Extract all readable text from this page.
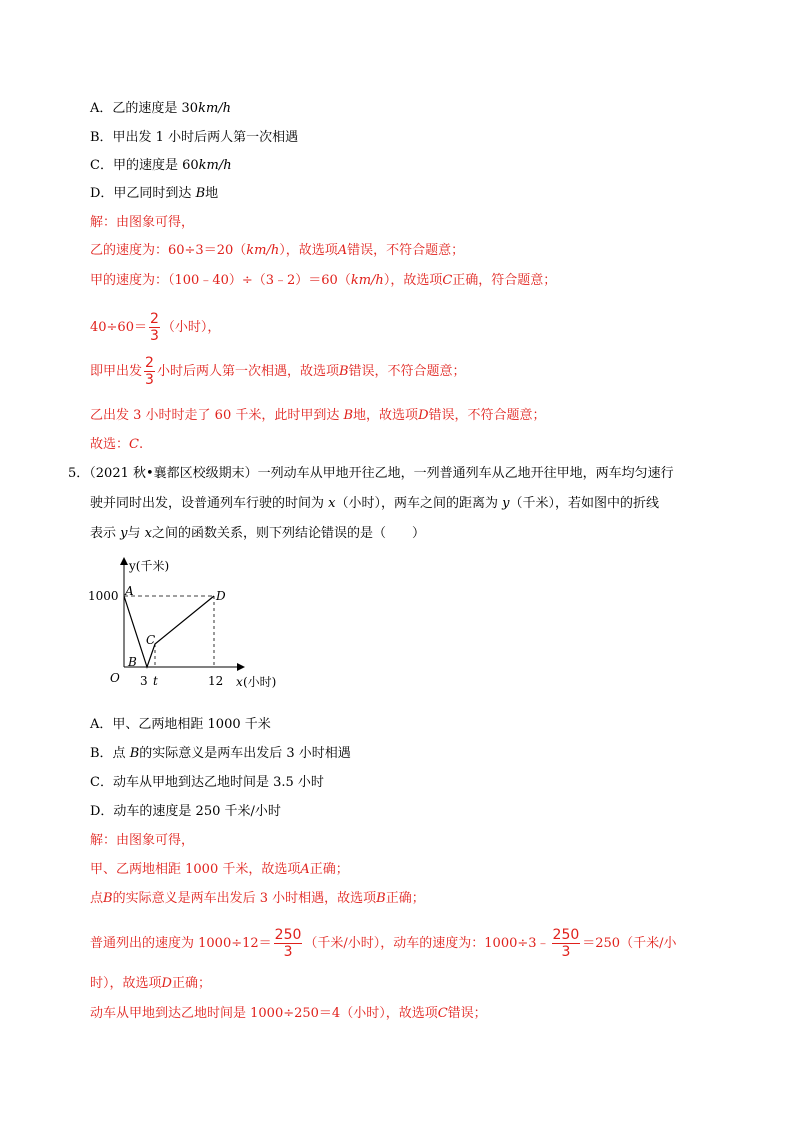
A．乙的速度是 30km/h
B．甲出发 1 小时后两人第一次相遇
C．甲的速度是 60km/h
D．甲乙同时到达 B地
解：由图象可得，
乙的速度为：60÷3＝20（km/h），故选项A错误，不符合题意；
甲的速度为：（100﹣40）÷（3﹣2）＝60（km/h），故选项C正确，符合题意；
$40\div 60= \frac{2}{3}$ （小时），
即甲出发 $\frac{2}{3}$ 小时后两人第一次相遇，故选项B错误，不符合题意；
乙出发 3 小时时走了 60 千米，此时甲到达 B地，故选项D错误，不符合题意；
故选：C.
5．（2021 秋•襄都区校级期末）一列动车从甲地开往乙地，一列普通列车从乙地开往甲地，两车均匀速行
驶并同时出发，设普通列车行驶的时间为 x（小时），两车之间的距离为 y（千米），若如图中的折线
表示 y与 x之间的函数关系，则下列结论错误的是（　　）
y(千米)
1000
O 3 t	12 x (小时)
A
B
C
D
A．甲、乙两地相距 1000 千米
B．点 B的实际意义是两车出发后 3 小时相遇
C．动车从甲地到达乙地时间是 3.5 小时
D．动车的速度是 250 千米/小时
解：由图象可得，
甲、乙两地相距 1000 千米，故选项A正确；
点B的实际意义是两车出发后 3 小时相遇，故选项B正确；
普通列出的速度为 $1000\div 12= \frac{250}{3}$ （千米/小时），动车的速度为：1000÷3﹣ $\frac{250}{3} =250$（千米/小
时），故选项D正确；
动车从甲地到达乙地时间是 1000÷250＝4（小时），故选项C错误；
